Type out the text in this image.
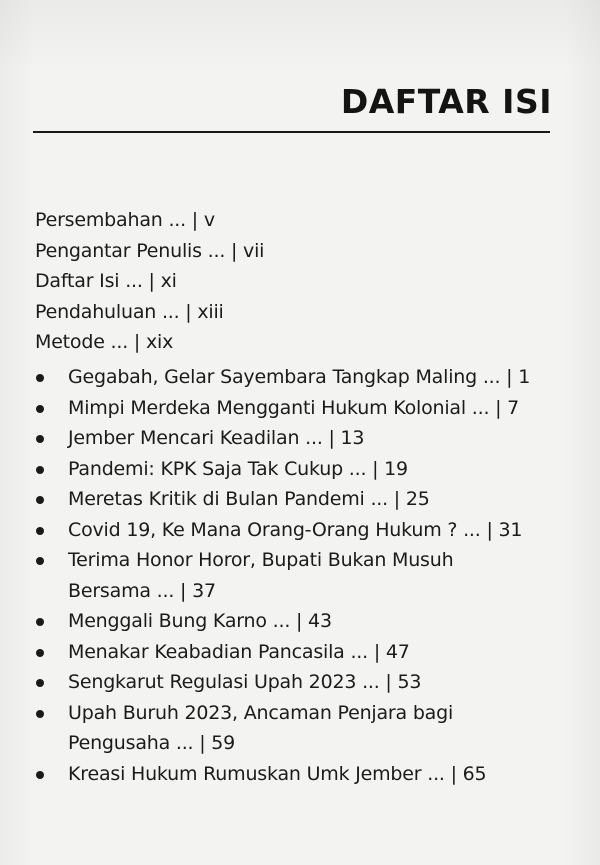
DAFTAR ISI
Persembahan ... | v
Pengantar Penulis ... | vii
Daftar Isi ... | xi
Pendahuluan ... | xiii
Metode ... | xix
Gegabah, Gelar Sayembara Tangkap Maling ... | 1
Mimpi Merdeka Mengganti Hukum Kolonial ... | 7
Jember Mencari Keadilan ... | 13
Pandemi: KPK Saja Tak Cukup ... | 19
Meretas Kritik di Bulan Pandemi ... | 25
Covid 19, Ke Mana Orang-Orang Hukum ? ... | 31
Terima Honor Horor, Bupati Bukan Musuh
Bersama ... | 37
Menggali Bung Karno ... | 43
Menakar Keabadian Pancasila ... | 47
Sengkarut Regulasi Upah 2023 ... | 53
Upah Buruh 2023, Ancaman Penjara bagi
Pengusaha ... | 59
Kreasi Hukum Rumuskan Umk Jember ... | 65
